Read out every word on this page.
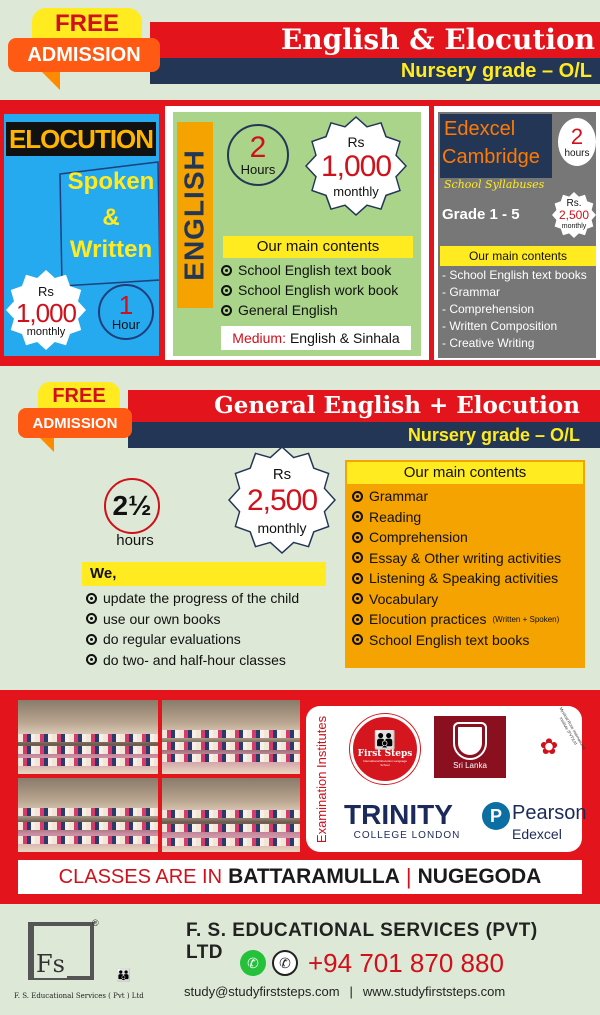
English & Elocution
Nursery grade – O/L
FREE
ADMISSION
ELOCUTION
Spoken
&
Written
Rs
1,000
monthly
1
Hour
ENGLISH
2
Hours
Rs
1,000
monthly
Our main contents
School English text book
School English work book
General English
Medium: English & Sinhala
Edexcel
Cambridge
2
hours
School Syllabuses
Grade 1 - 5
Rs.
2,500
monthly
Our main contents
- School English text books
- Grammar
- Comprehension
- Written Composition
- Creative Writing
General English + Elocution
Nursery grade – O/L
FREE
ADMISSION
2½
hours
Rs
2,500
monthly
We,
update the progress of the child
use our own books
do regular evaluations
do two- and half-hour classes
Our main contents
Grammar
Reading
Comprehension
Essay & Other writing activities
Listening & Speaking activities
Vocabulary
Elocution practices (Written + Spoken)
School English text books
Examination Institutes 👪
First Steps
International Elocution Language School	Sri Lanka
✿ Mystical Rose International Institute (PVT)Ltd
TRINITY
COLLEGE LONDON
P Pearson
Edexcel
CLASSES ARE IN BATTARAMULLA | NUGEGODA
Fs
®
👪
F. S. Educational Services ( Pvt ) Ltd
F. S. EDUCATIONAL SERVICES (PVT) LTD	✆	✆ +94 701 870 880
study@studyfirststeps.com | www.studyfirststeps.com
